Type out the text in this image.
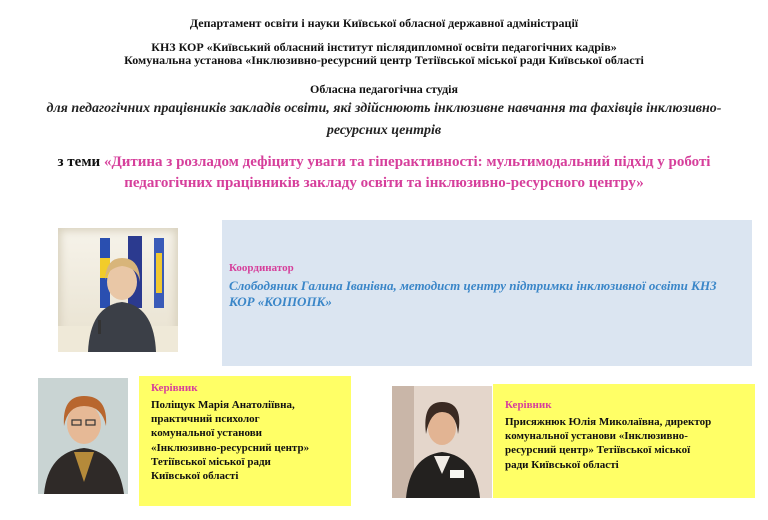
Департамент освіти і науки Київської обласної державної адміністрації
КНЗ КОР «Київський обласний інститут післядипломної освіти педагогічних кадрів»
Комунальна установа «Інклюзивно-ресурсний центр Тетіївської міської ради Київської області
Обласна педагогічна студія
для педагогічних працівників закладів освіти, які здійснюють інклюзивне навчання та фахівців інклюзивно-ресурсних центрів
з теми «Дитина з розладом дефіциту уваги та гіперактивності: мультимодальний підхід у роботі педагогічних працівників закладу освіти та інклюзивно-ресурсного центру»
Координатор
Слободяник Галина Іванівна, методист центру підтримки інклюзивної освіти КНЗ КОР «КОІПОПК»
Керівник
Поліщук Марія Анатоліївна,
практичний психолог
комунальної установи
«Інклюзивно-ресурсний центр»
Тетіївської міської ради
Київської області
Керівник
Присяжнюк Юлія Миколаївна, директор
комунальної установи «Інклюзивно-
ресурсний центр» Тетіївської міської
ради Київської області
